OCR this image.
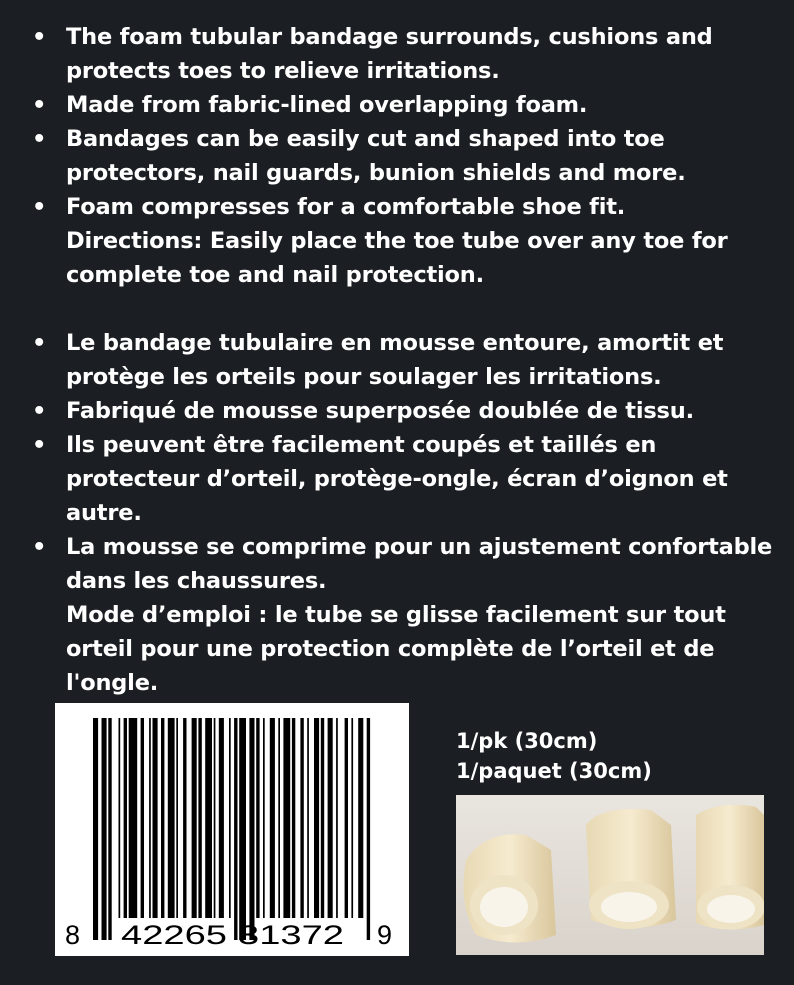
• The foam tubular bandage surrounds, cushions and protects toes to relieve irritations.
• Made from fabric-lined overlapping foam.
• Bandages can be easily cut and shaped into toe protectors, nail guards, bunion shields and more.
• Foam compresses for a comfortable shoe fit.
Directions: Easily place the toe tube over any toe for complete toe and nail protection.
• Le bandage tubulaire en mousse entoure, amortit et protège les orteils pour soulager les irritations.
• Fabriqué de mousse superposée doublée de tissu.
• Ils peuvent être facilement coupés et taillés en protecteur d’orteil, protège-ongle, écran d’oignon et autre.
• La mousse se comprime pour un ajustement confortable dans les chaussures.
Mode d’emploi : le tube se glisse facilement sur tout orteil pour une protection complète de l’orteil et de l'ongle.
8 42265 31372 9
1/pk (30cm)
1/paquet (30cm)
